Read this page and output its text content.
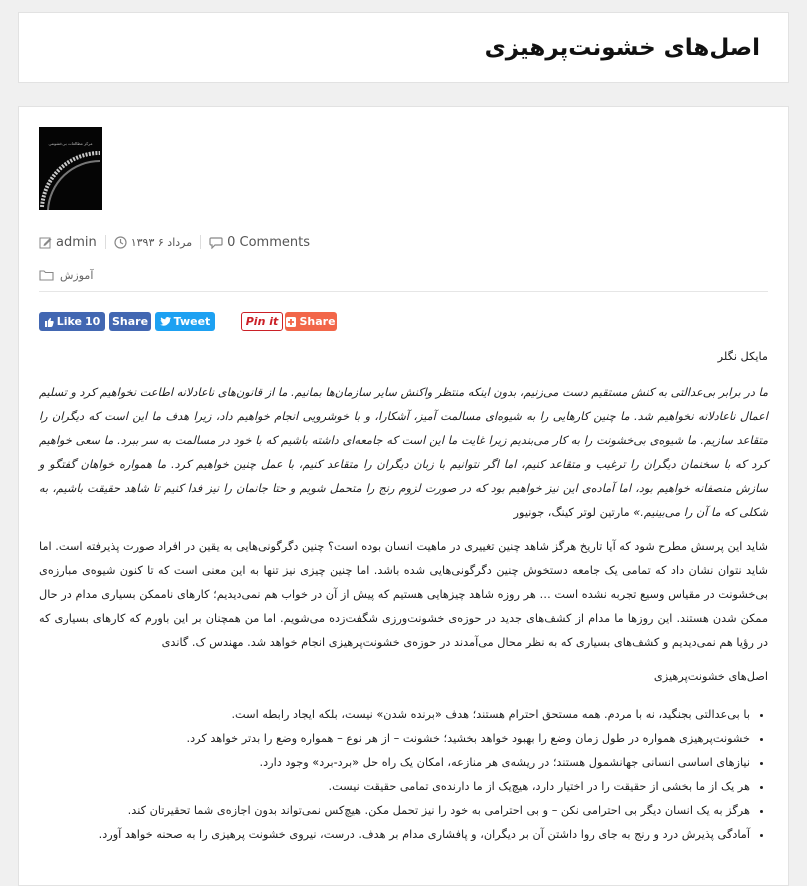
اصل‌های خشونت‌پرهیزی
مرکز مطالعات بی‌خشونتی
admin	مرداد ۶ ۱۳۹۳	0 Comments
آموزش
Like 10 Share Tweet	Pin it Share

مایکل نگلر

ما در برابر بی‌عدالتی به کنش مستقیم دست می‌زنیم، بدون اینکه منتظر واکنش سایر سازمان‌ها بمانیم. ما از قانون‌های ناعادلانه اطاعت نخواهیم کرد و تسلیم اعمال ناعادلانه نخواهیم شد. ما چنین کارهایی را به شیوه‌ای مسالمت آمیز، آشکارا، و با خوشرویی انجام خواهیم داد، زیرا هدف ما این است که دیگران را متقاعد سازیم. ما شیوه‌ی بی‌خشونت را به کار می‌بندیم زیرا غایت ما این است که جامعه‌ای داشته باشیم که با خود در مسالمت به سر ببرد. ما سعی خواهیم کرد که با سخنمان دیگران را ترغیب و متقاعد کنیم، اما اگر نتوانیم با زبان دیگران را متقاعد کنیم، با عمل چنین خواهیم کرد. ما همواره خواهان گفتگو و سازش منصفانه خواهیم بود، اما آماده‌ی این نیز خواهیم بود که در صورت لزوم رنج را متحمل شویم و حتا جانمان را نیز فدا کنیم تا شاهد حقیقت باشیم، به شکلی که ما آن را می‌بینیم.» مارتین لوتر کینگ، جونیور

شاید این پرسش مطرح شود که آیا تاریخ هرگز شاهد چنین تغییری در ماهیت انسان بوده است؟ چنین دگرگونی‌هایی به یقین در افراد صورت پذیرفته است. اما شاید نتوان نشان داد که تمامی یک جامعه دستخوش چنین دگرگونی‌هایی شده باشد. اما چنین چیزی نیز تنها به این معنی است که تا کنون شیوه‌ی مبارزه‌ی بی‌خشونت در مقیاس وسیع تجربه نشده است … هر روزه شاهد چیزهایی هستیم که پیش از آن در خواب هم نمی‌دیدیم؛ کارهای ناممکن بسیاری مدام در حال ممکن شدن هستند. این روزها ما مدام از کشف‌های جدید در حوزه‌ی خشونت‌ورزی شگفت‌زده می‌شویم. اما من همچنان بر این باورم که کارهای بسیاری که در رؤیا هم نمی‌دیدیم و کشف‌های بسیاری که به نظر محال می‌آمدند در حوزه‌ی خشونت‌پرهیزی انجام خواهد شد. مهندس ک. گاندی

اصل‌های خشونت‌پرهیزی

• با بی‌عدالتی بجنگید، نه با مردم. همه مستحق احترام هستند؛ هدف «برنده شدن» نیست، بلکه ایجاد رابطه است.
• خشونت‌پرهیزی همواره در طول زمان وضع را بهبود خواهد بخشید؛ خشونت – از هر نوع – همواره وضع را بدتر خواهد کرد.
• نیازهای اساسی انسانی جهانشمول هستند؛ در ریشه‌ی هر منازعه، امکان یک راه حل «برد-برد» وجود دارد.
• هر یک از ما بخشی از حقیقت را در اختیار دارد، هیچ‌یک از ما دارنده‌ی تمامی حقیقت نیست.
• هرگز به یک انسان دیگر بی احترامی نکن – و بی احترامی به خود را نیز تحمل مکن. هیچ‌کس نمی‌تواند بدون اجازه‌ی شما تحقیرتان کند.
• آمادگی پذیرش درد و رنج به جای روا داشتن آن بر دیگران، و پافشاری مدام بر هدف. درست، نیروی خشونت پرهیزی را به صحنه خواهد آورد.
